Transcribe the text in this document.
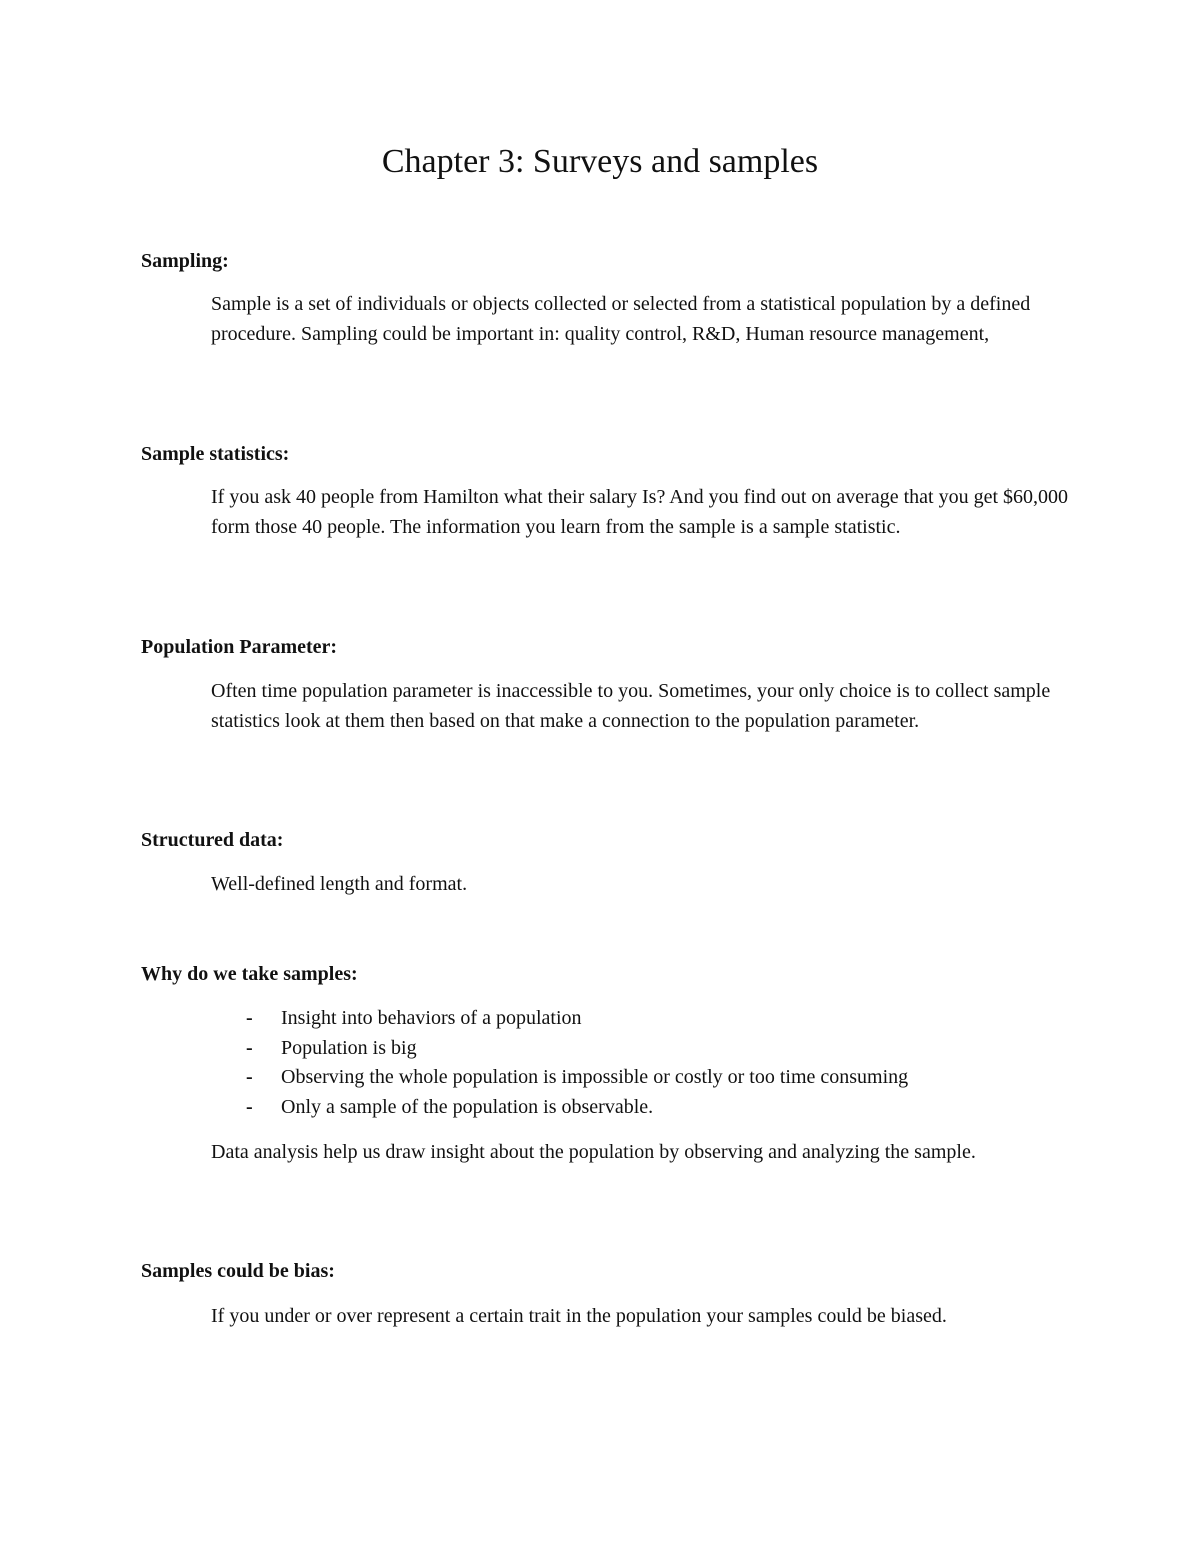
Chapter 3: Surveys and samples
Sampling:

Sample is a set of individuals or objects collected or selected from a statistical population by a defined procedure. Sampling could be important in: quality control, R&D, Human resource management,

Sample statistics:

If you ask 40 people from Hamilton what their salary Is? And you find out on average that you get $60,000 form those 40 people. The information you learn from the sample is a sample statistic.

Population Parameter:

Often time population parameter is inaccessible to you. Sometimes, your only choice is to collect sample statistics look at them then based on that make a connection to the population parameter.

Structured data:

Well-defined length and format.

Why do we take samples:
- Insight into behaviors of a population
- Population is big
- Observing the whole population is impossible or costly or too time consuming
- Only a sample of the population is observable.

Data analysis help us draw insight about the population by observing and analyzing the sample.

Samples could be bias:

If you under or over represent a certain trait in the population your samples could be biased.
